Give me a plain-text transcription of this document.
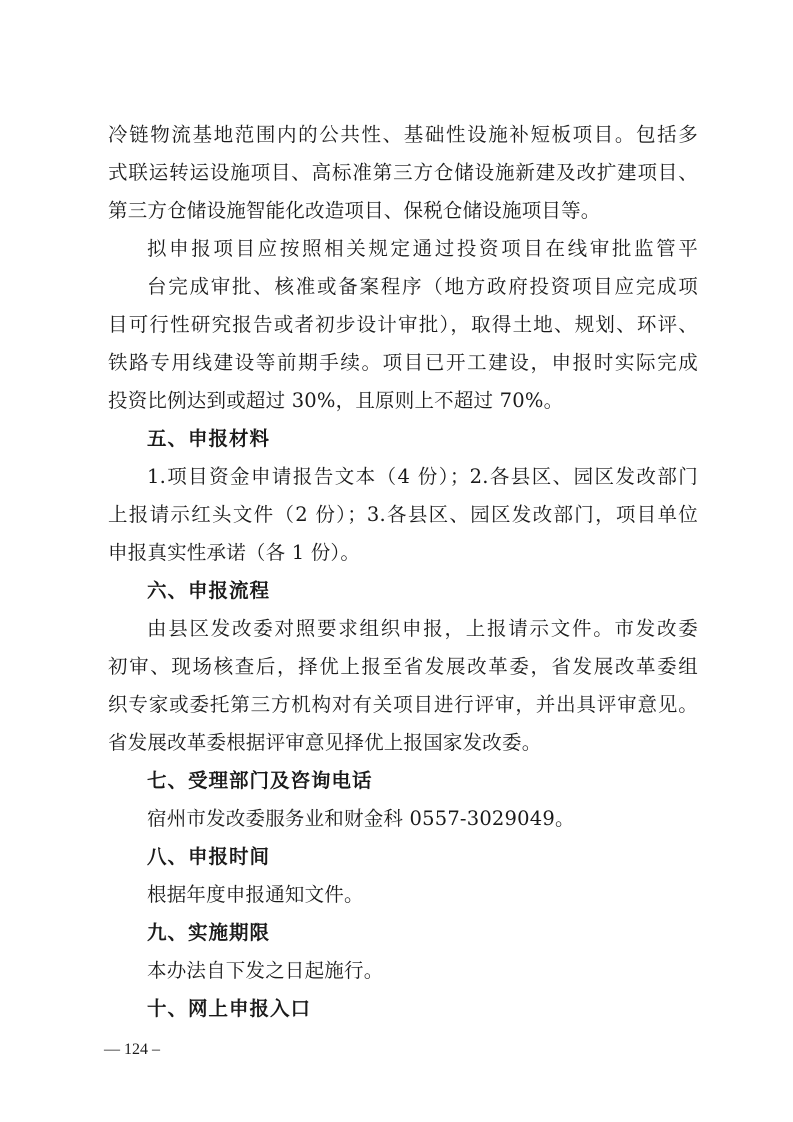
冷链物流基地范围内的公共性、基础性设施补短板项目。包括多
式联运转运设施项目、高标准第三方仓储设施新建及改扩建项目、
第三方仓储设施智能化改造项目、保税仓储设施项目等。
拟申报项目应按照相关规定通过投资项目在线审批监管平
台完成审批、核准或备案程序（地方政府投资项目应完成项
目可行性研究报告或者初步设计审批），取得土地、规划、环评、
铁路专用线建设等前期手续。项目已开工建设，申报时实际完成
投资比例达到或超过 30%，且原则上不超过 70%。
五、申报材料
1.项目资金申请报告文本（4 份）；2.各县区、园区发改部门
上报请示红头文件（2 份）；3.各县区、园区发改部门，项目单位
申报真实性承诺（各 1 份）。
六、申报流程
由县区发改委对照要求组织申报，上报请示文件。市发改委
初审、现场核查后，择优上报至省发展改革委，省发展改革委组
织专家或委托第三方机构对有关项目进行评审，并出具评审意见。
省发展改革委根据评审意见择优上报国家发改委。
七、受理部门及咨询电话
宿州市发改委服务业和财金科 0557-3029049。
八、申报时间
根据年度申报通知文件。
九、实施期限
本办法自下发之日起施行。
十、网上申报入口
— 124 –
